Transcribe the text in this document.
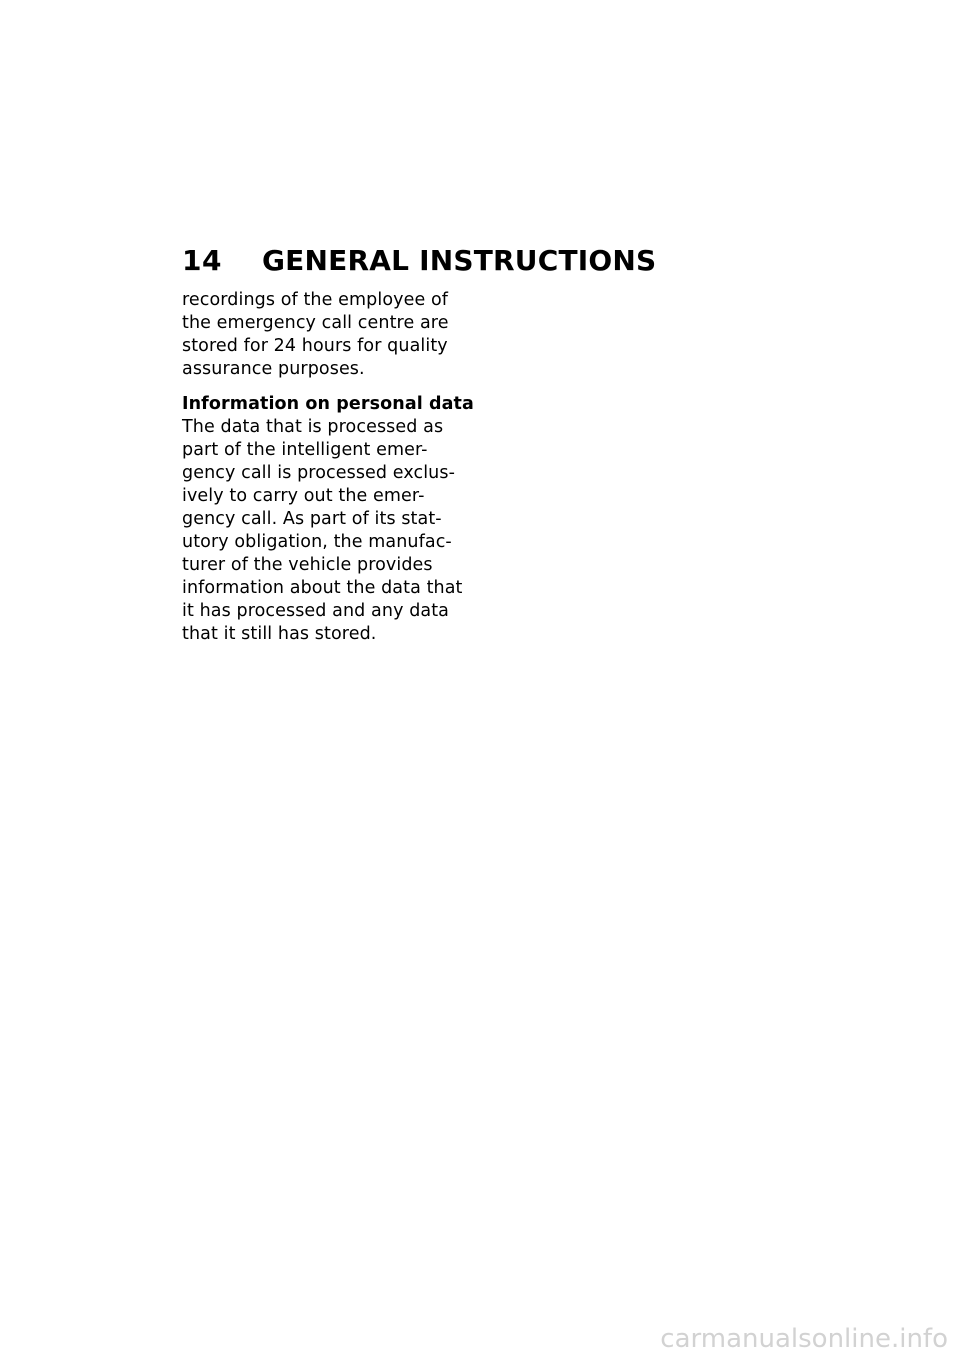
14	GENERAL INSTRUCTIONS
recordings of the employee of
the emergency call centre are
stored for 24 hours for quality
assurance purposes.
Information on personal data
The data that is processed as
part of the intelligent emer-
gency call is processed exclus-
ively to carry out the emer-
gency call. As part of its stat-
utory obligation, the manufac-
turer of the vehicle provides
information about the data that
it has processed and any data
that it still has stored.
carmanualsonline.info
